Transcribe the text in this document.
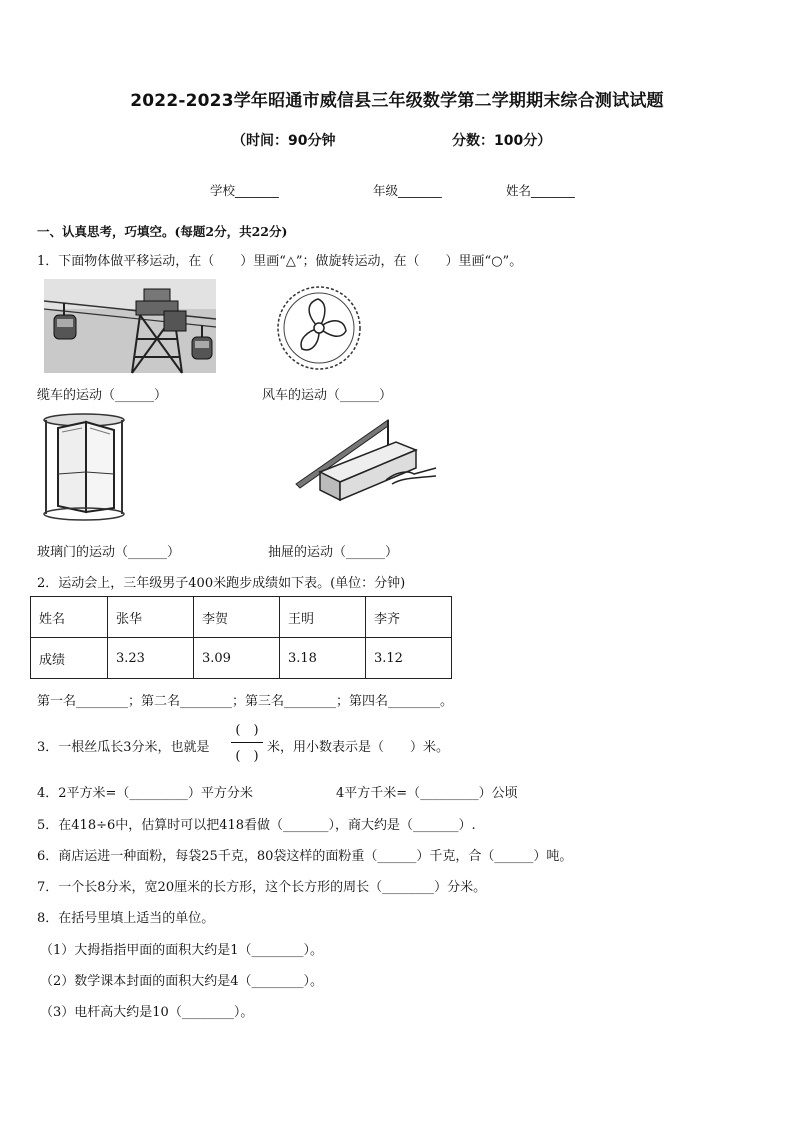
2022-2023学年昭通市威信县三年级数学第二学期期末综合测试试题
（时间：90分钟	分数：100分）
学校_______	年级_______	姓名_______
一、认真思考，巧填空。(每题2分，共22分)
1．下面物体做平移运动，在（　　）里画“△”；做旋转运动，在（　　）里画“○”。
缆车的运动（______）	风车的运动（______）
玻璃门的运动（______）	抽屉的运动（______）
2．运动会上，三年级男子400米跑步成绩如下表。(单位：分钟)
姓名	张华	李贺	王明	李齐
成绩	3.23	3.09	3.18	3.12
第一名________；第二名________；第三名________；第四名________。
3．一根丝瓜长3分米，也就是
(　)
(　)
米，用小数表示是（　　）米。
4．2平方米=（_________）平方分米	4平方千米=（_________）公顷
5．在418÷6中，估算时可以把418看做（_______），商大约是（_______）.
6．商店运进一种面粉，每袋25千克，80袋这样的面粉重（______）千克，合（______）吨。
7．一个长8分米，宽20厘米的长方形，这个长方形的周长（________）分米。
8．在括号里填上适当的单位。
（1）大拇指指甲面的面积大约是1（________）。
（2）数学课本封面的面积大约是4（________）。
（3）电杆高大约是10（________）。
